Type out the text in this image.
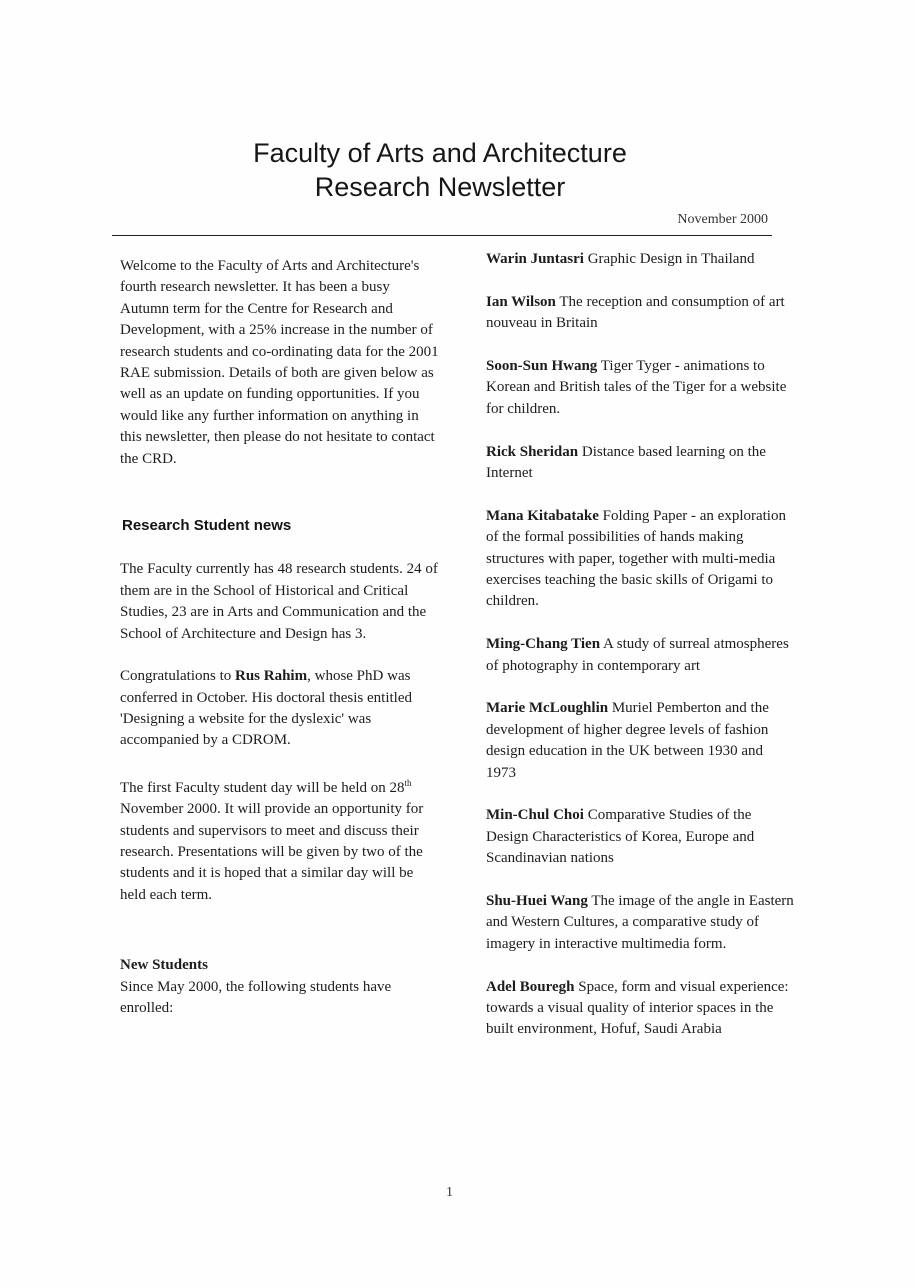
Faculty of Arts and Architecture
Research Newsletter
November 2000

Welcome to the Faculty of Arts and Architecture's fourth research newsletter. It has been a busy Autumn term for the Centre for Research and Development, with a 25% increase in the number of research students and co-ordinating data for the 2001 RAE submission. Details of both are given below as well as an update on funding opportunities. If you would like any further information on anything in this newsletter, then please do not hesitate to contact the CRD.

Research Student news

The Faculty currently has 48 research students. 24 of them are in the School of Historical and Critical Studies, 23 are in Arts and Communication and the School of Architecture and Design has 3.

Congratulations to Rus Rahim, whose PhD was conferred in October. His doctoral thesis entitled 'Designing a website for the dyslexic' was accompanied by a CDROM.

The first Faculty student day will be held on 28th November 2000. It will provide an opportunity for students and supervisors to meet and discuss their research. Presentations will be given by two of the students and it is hoped that a similar day will be held each term.

New Students

Since May 2000, the following students have enrolled:

Warin Juntasri Graphic Design in Thailand

Ian Wilson The reception and consumption of art nouveau in Britain

Soon-Sun Hwang Tiger Tyger - animations to Korean and British tales of the Tiger for a website for children.

Rick Sheridan Distance based learning on the Internet

Mana Kitabatake Folding Paper - an exploration of the formal possibilities of hands making structures with paper, together with multi-media exercises teaching the basic skills of Origami to children.

Ming-Chang Tien A study of surreal atmospheres of photography in contemporary art

Marie McLoughlin Muriel Pemberton and the development of higher degree levels of fashion design education in the UK between 1930 and 1973

Min-Chul Choi Comparative Studies of the Design Characteristics of Korea, Europe and Scandinavian nations

Shu-Huei Wang The image of the angle in Eastern and Western Cultures, a comparative study of imagery in interactive multimedia form.

Adel Bouregh Space, form and visual experience: towards a visual quality of interior spaces in the built environment, Hofuf, Saudi Arabia

1
